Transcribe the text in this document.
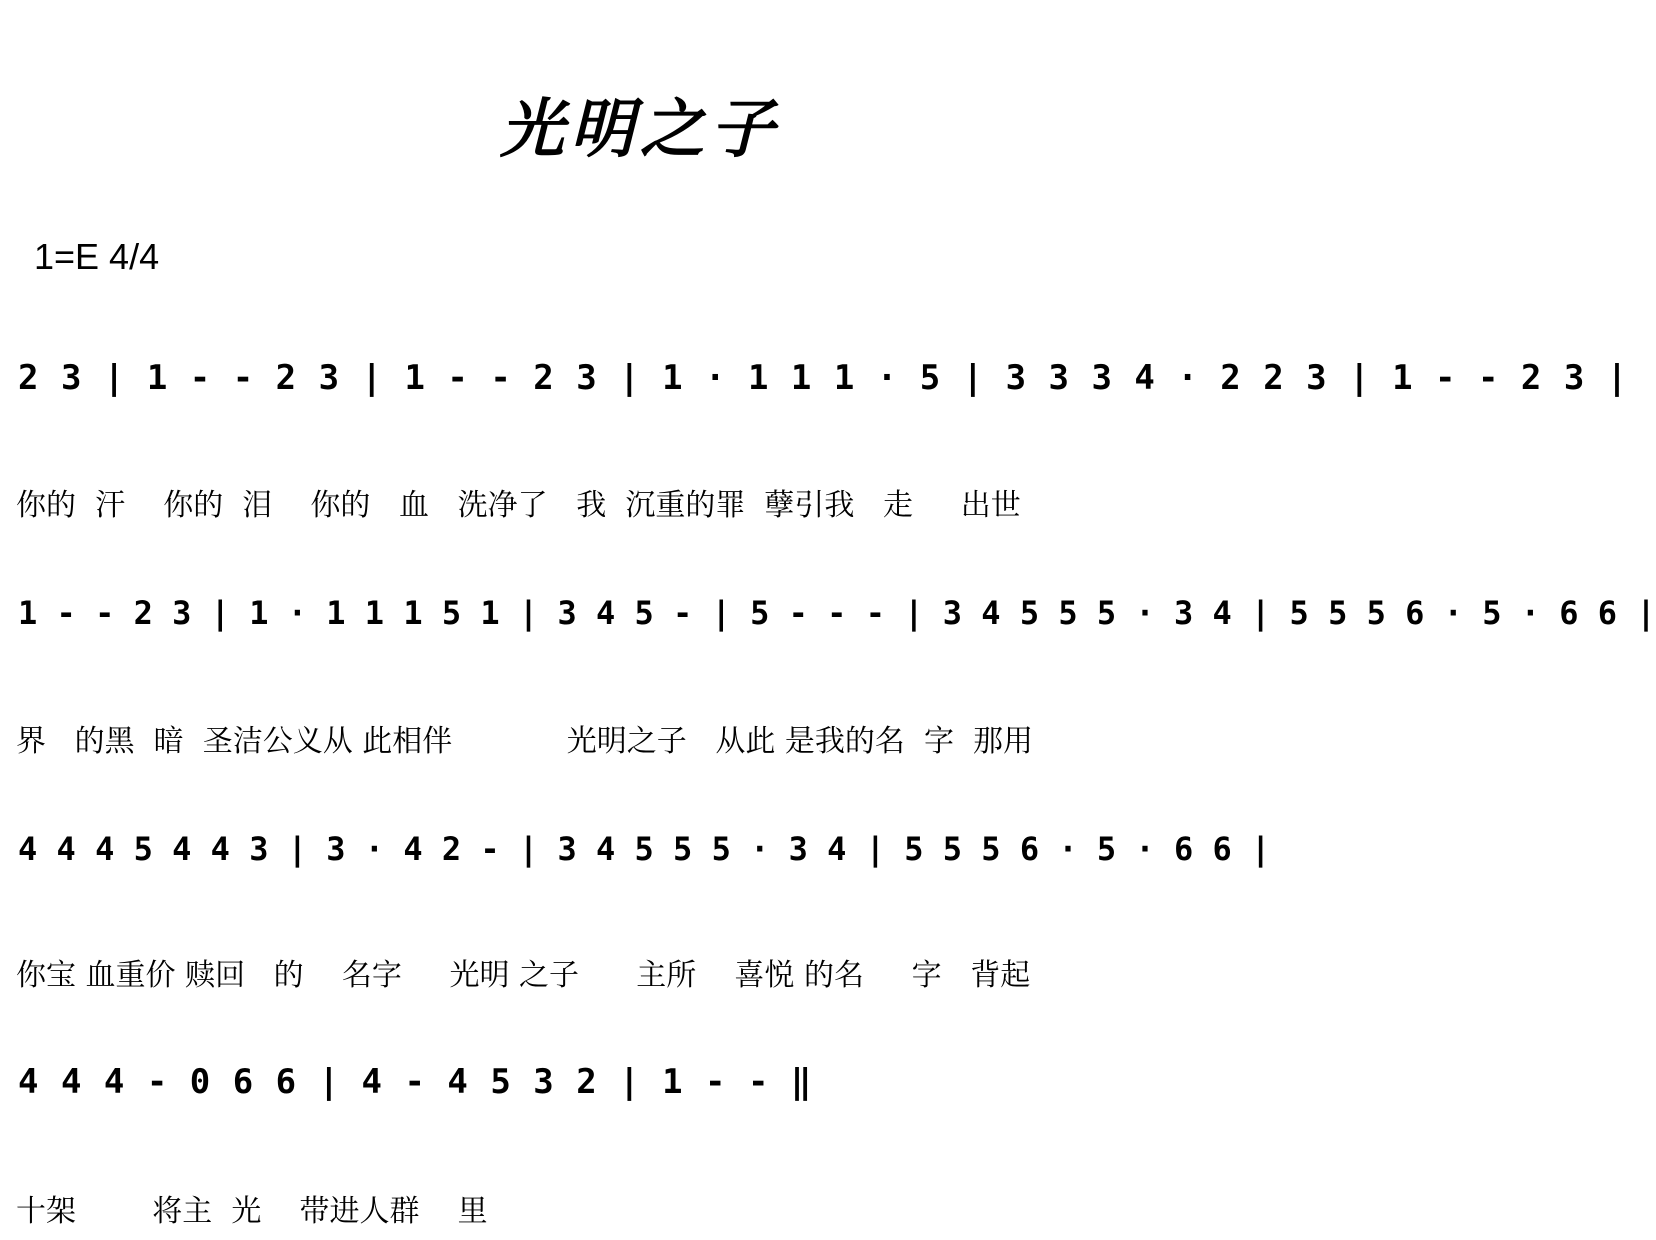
光明之子
1=E 4/4
2 3 | 1 - - 2 3 | 1 - - 2 3 | 1 · 1 1 1 · 5 | 3 3 3 4 · 2 2 3 | 1 - - 2 3 |
你的  汗    你的  泪    你的   血   洗净了   我  沉重的罪  孽引我   走     出世
1 - - 2 3 | 1 · 1 1 1 5 1 | 3 4 5 - | 5 - - - | 3 4 5 5 5 · 3 4 | 5 5 5 6 · 5 · 6 6 |
界   的黑  暗  圣洁公义从 此相伴            光明之子   从此 是我的名  字  那用
4 4 4 5 4 4 3 | 3 · 4 2 - | 3 4 5 5 5 · 3 4 | 5 5 5 6 · 5 · 6 6 |
你宝 血重价 赎回   的    名字     光明 之子      主所    喜悦 的名     字   背起
4 4 4 - 0 6 6 | 4 - 4 5 3 2 | 1 - - ‖
十架        将主  光    带进人群    里
